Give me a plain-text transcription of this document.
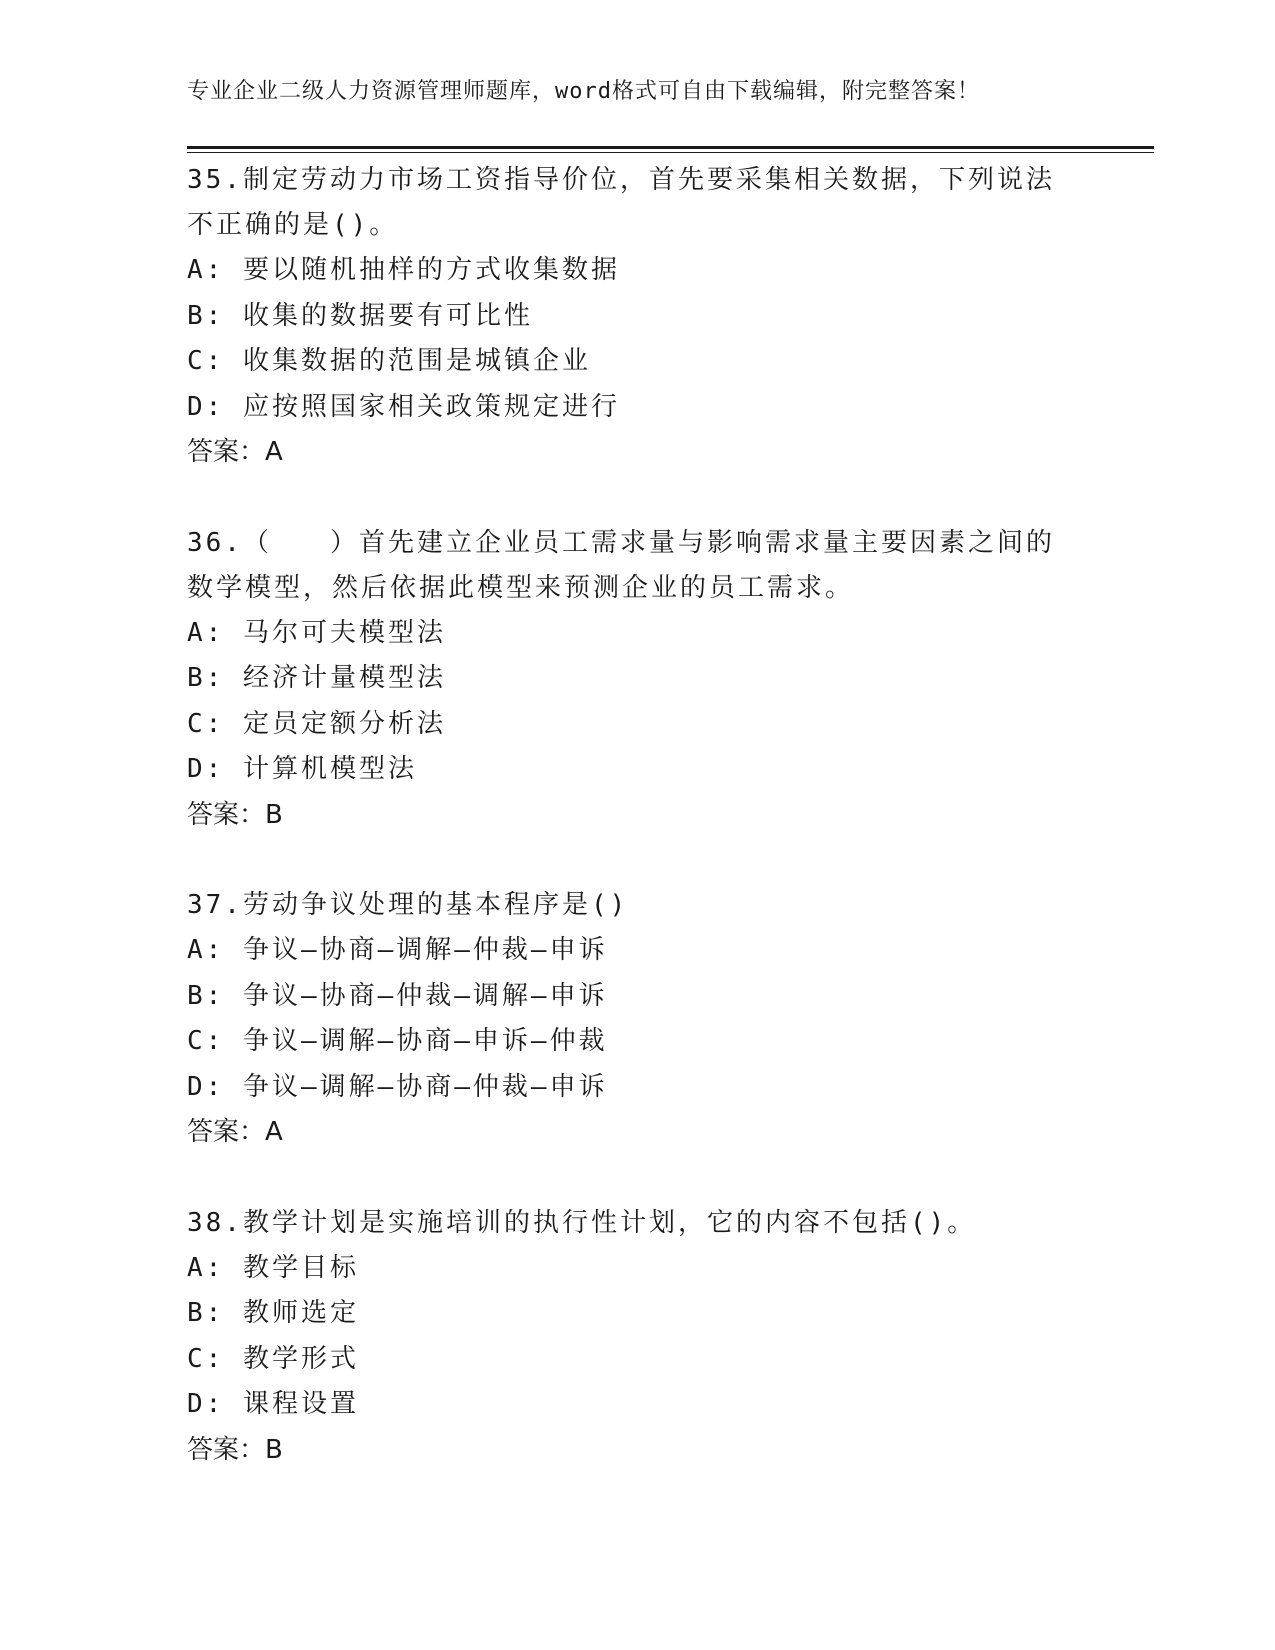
专业企业二级人力资源管理师题库，word格式可自由下载编辑，附完整答案！
35.制定劳动力市场工资指导价位，首先要采集相关数据，下列说法不正确的是()。
A: 要以随机抽样的方式收集数据
B: 收集的数据要有可比性
C: 收集数据的范围是城镇企业
D: 应按照国家相关政策规定进行
答案：A
36.（　　）首先建立企业员工需求量与影响需求量主要因素之间的数学模型，然后依据此模型来预测企业的员工需求。
A: 马尔可夫模型法
B: 经济计量模型法
C: 定员定额分析法
D: 计算机模型法
答案：B
37.劳动争议处理的基本程序是()
A: 争议—协商—调解—仲裁—申诉
B: 争议—协商—仲裁—调解—申诉
C: 争议—调解—协商—申诉—仲裁
D: 争议—调解—协商—仲裁—申诉
答案：A
38.教学计划是实施培训的执行性计划，它的内容不包括()。
A: 教学目标
B: 教师选定
C: 教学形式
D: 课程设置
答案：B
